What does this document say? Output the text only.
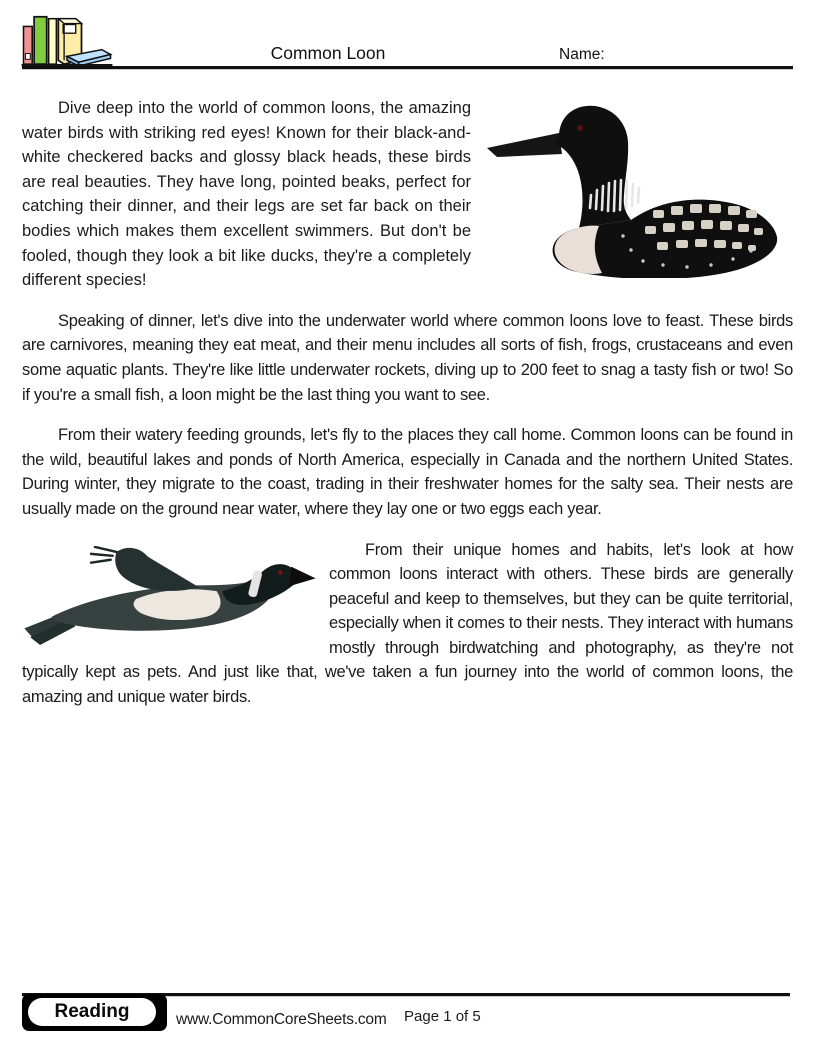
Common Loon	Name:

Dive deep into the world of common loons, the amazing water birds with striking red eyes! Known for their black-and-white checkered backs and glossy black heads, these birds are real beauties. They have long, pointed beaks, perfect for catching their dinner, and their legs are set far back on their bodies which makes them excellent swimmers. But don't be fooled, though they look a bit like ducks, they're a completely different species!

Speaking of dinner, let's dive into the underwater world where common loons love to feast. These birds are carnivores, meaning they eat meat, and their menu includes all sorts of fish, frogs, crustaceans and even some aquatic plants. They're like little underwater rockets, diving up to 200 feet to snag a tasty fish or two! So if you're a small fish, a loon might be the last thing you want to see.

From their watery feeding grounds, let's fly to the places they call home. Common loons can be found in the wild, beautiful lakes and ponds of North America, especially in Canada and the northern United States. During winter, they migrate to the coast, trading in their freshwater homes for the salty sea. Their nests are usually made on the ground near water, where they lay one or two eggs each year.

From their unique homes and habits, let's look at how common loons interact with others. These birds are generally peaceful and keep to themselves, but they can be quite territorial, especially when it comes to their nests. They interact with humans mostly through birdwatching and photography, as they're not typically kept as pets. And just like that, we've taken a fun journey into the world of common loons, the amazing and unique water birds.

Reading	www.CommonCoreSheets.com Page 1 of 5
